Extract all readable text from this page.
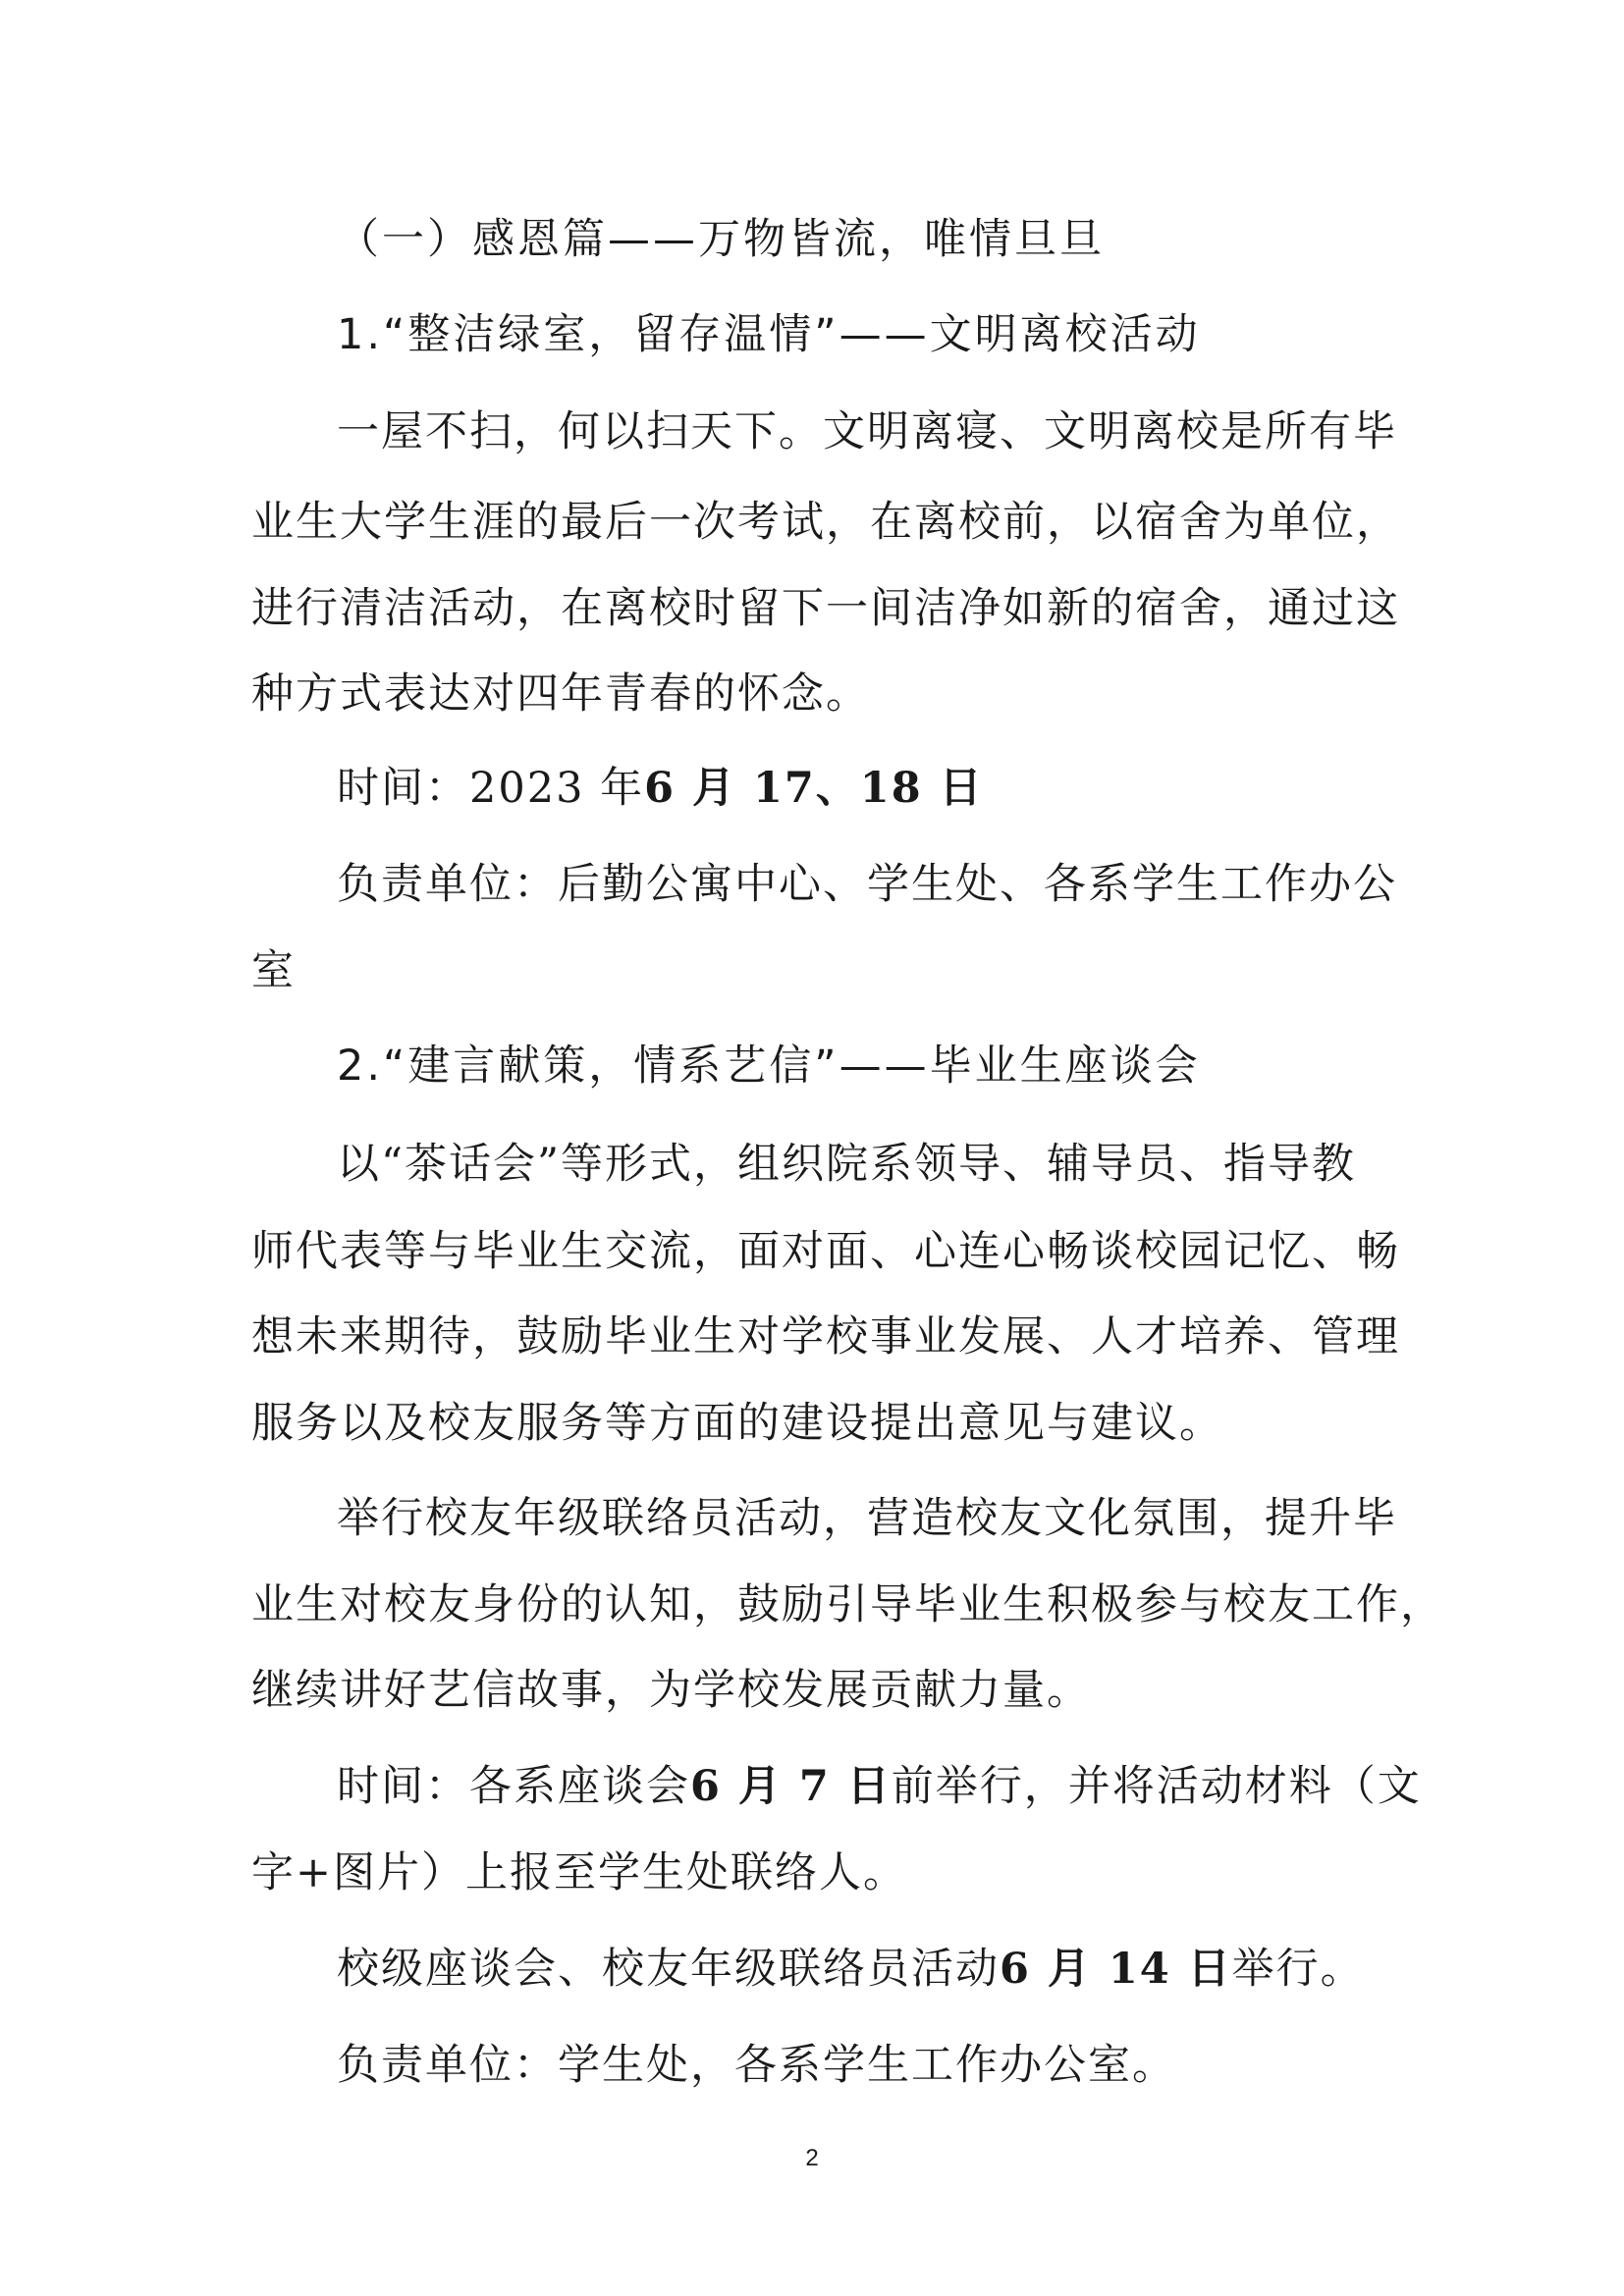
（一）感恩篇——万物皆流，唯情旦旦

1.“整洁绿室，留存温情”——文明离校活动

一屋不扫，何以扫天下。文明离寝、文明离校是所有毕

业生大学生涯的最后一次考试，在离校前，以宿舍为单位，

进行清洁活动，在离校时留下一间洁净如新的宿舍，通过这

种方式表达对四年青春的怀念。

时间：2023 年6 月 17、18 日

负责单位：后勤公寓中心、学生处、各系学生工作办公

室

2.“建言献策，情系艺信”——毕业生座谈会

以“茶话会”等形式，组织院系领导、辅导员、指导教

师代表等与毕业生交流，面对面、心连心畅谈校园记忆、畅

想未来期待，鼓励毕业生对学校事业发展、人才培养、管理

服务以及校友服务等方面的建设提出意见与建议。

举行校友年级联络员活动，营造校友文化氛围，提升毕

业生对校友身份的认知，鼓励引导毕业生积极参与校友工作，

继续讲好艺信故事，为学校发展贡献力量。

时间：各系座谈会6 月 7 日前举行，并将活动材料（文

字+图片）上报至学生处联络人。

校级座谈会、校友年级联络员活动6 月 14 日举行。

负责单位：学生处，各系学生工作办公室。

2
